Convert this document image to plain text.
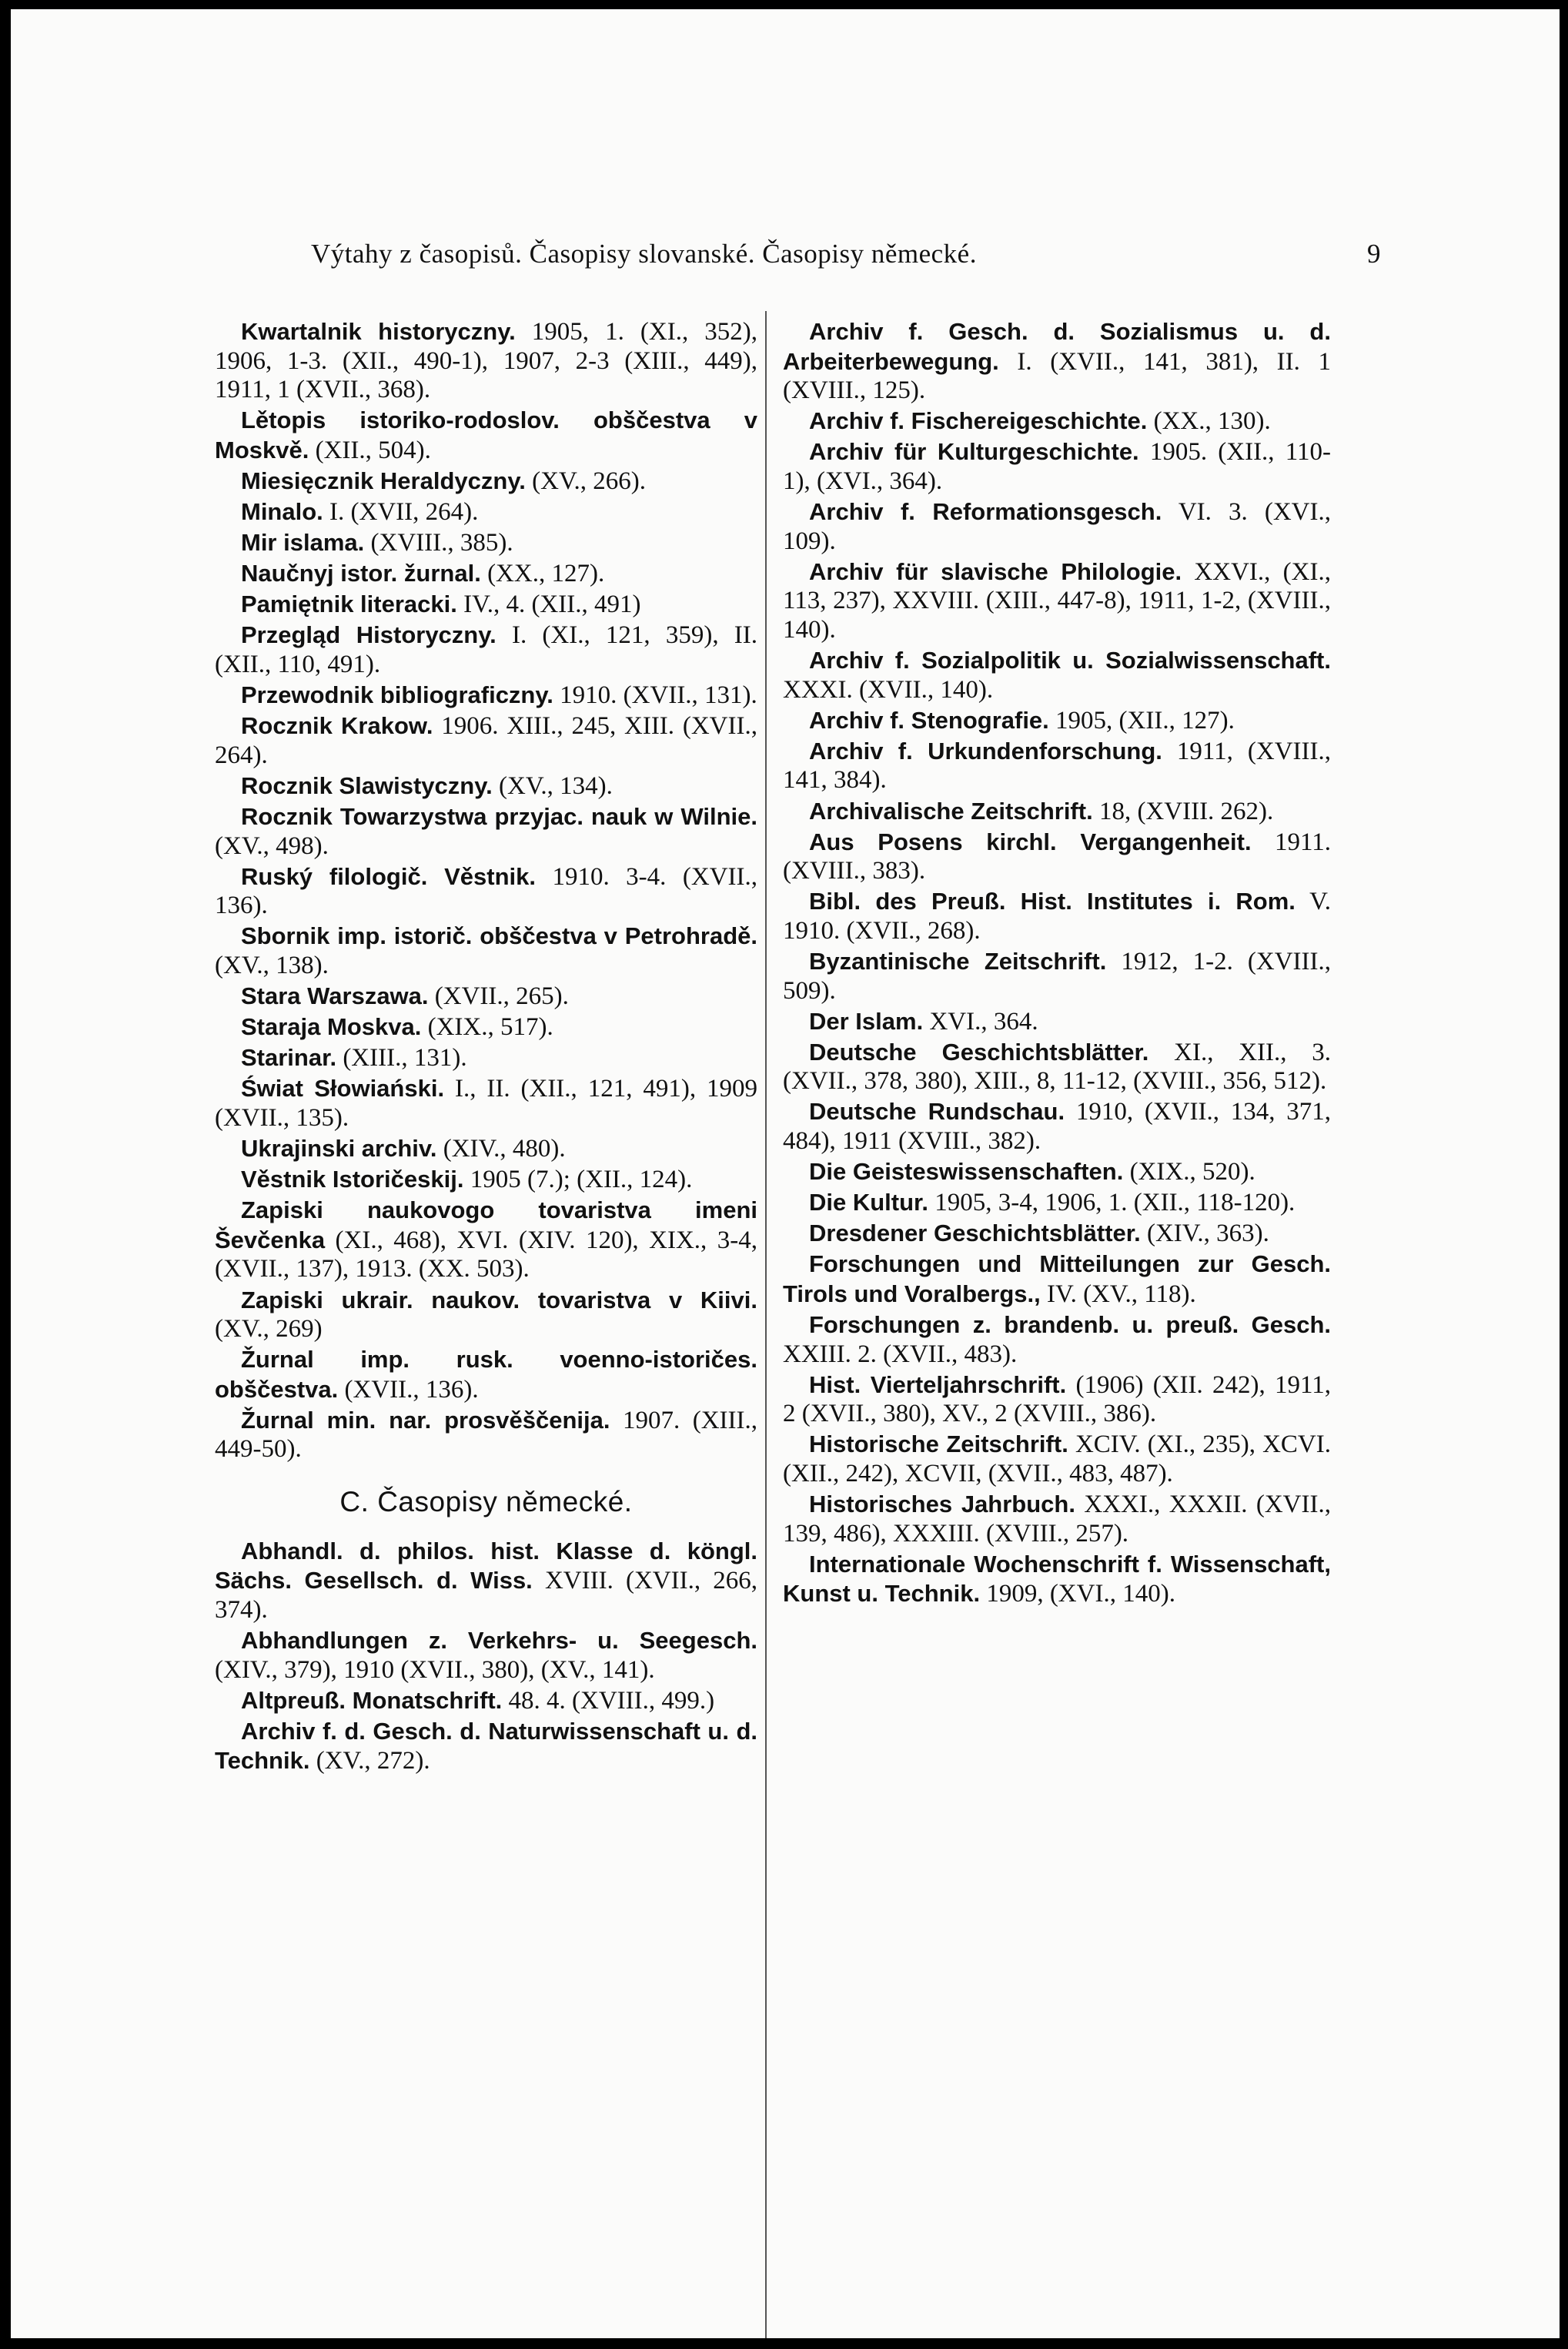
Výtahy z časopisů. Časopisy slovanské. Časopisy německé.	9

Kwartalnik historyczny. 1905, 1. (XI., 352), 1906, 1-3. (XII., 490-1), 1907, 2-3 (XIII., 449), 1911, 1 (XVII., 368).

Lětopis istoriko-rodoslov. obščestva v Moskvě. (XII., 504).

Miesięcznik Heraldyczny. (XV., 266).

Minalo. I. (XVII, 264).

Mir islama. (XVIII., 385).

Naučnyj istor. žurnal. (XX., 127).

Pamiętnik literacki. IV., 4. (XII., 491)

Przegląd Historyczny. I. (XI., 121, 359), II. (XII., 110, 491).

Przewodnik bibliograficzny. 1910. (XVII., 131).

Rocznik Krakow. 1906. XIII., 245, XIII. (XVII., 264).

Rocznik Slawistyczny. (XV., 134).

Rocznik Towarzystwa przyjac. nauk w Wilnie. (XV., 498).

Ruský filologič. Věstnik. 1910. 3-4. (XVII., 136).

Sbornik imp. istorič. obščestva v Petrohradě. (XV., 138).

Stara Warszawa. (XVII., 265).

Staraja Moskva. (XIX., 517).

Starinar. (XIII., 131).

Świat Słowiański. I., II. (XII., 121, 491), 1909 (XVII., 135).

Ukrajinski archiv. (XIV., 480).

Věstnik Istoričeskij. 1905 (7.); (XII., 124).

Zapiski naukovogo tovaristva imeni Ševčenka (XI., 468), XVI. (XIV. 120), XIX., 3-4, (XVII., 137), 1913. (XX. 503).

Zapiski ukrair. naukov. tovaristva v Kiivi. (XV., 269)

Žurnal imp. rusk. voenno-istoričes. obščestva. (XVII., 136).

Žurnal min. nar. prosvěščenija. 1907. (XIII., 449-50).

C. Časopisy německé.

Abhandl. d. philos. hist. Klasse d. köngl. Sächs. Gesellsch. d. Wiss. XVIII. (XVII., 266, 374).

Abhandlungen z. Verkehrs- u. Seegesch. (XIV., 379), 1910 (XVII., 380), (XV., 141).

Altpreuß. Monatschrift. 48. 4. (XVIII., 499.)

Archiv f. d. Gesch. d. Naturwissenschaft u. d. Technik. (XV., 272).

Archiv f. Gesch. d. Sozialismus u. d. Arbeiterbewegung. I. (XVII., 141, 381), II. 1 (XVIII., 125).

Archiv f. Fischereigeschichte. (XX., 130).

Archiv für Kulturgeschichte. 1905. (XII., 110-1), (XVI., 364).

Archiv f. Reformationsgesch. VI. 3. (XVI., 109).

Archiv für slavische Philologie. XXVI., (XI., 113, 237), XXVIII. (XIII., 447-8), 1911, 1-2, (XVIII., 140).

Archiv f. Sozialpolitik u. Sozialwissenschaft. XXXI. (XVII., 140).

Archiv f. Stenografie. 1905, (XII., 127).

Archiv f. Urkundenforschung. 1911, (XVIII., 141, 384).

Archivalische Zeitschrift. 18, (XVIII. 262).

Aus Posens kirchl. Vergangenheit. 1911. (XVIII., 383).

Bibl. des Preuß. Hist. Institutes i. Rom. V. 1910. (XVII., 268).

Byzantinische Zeitschrift. 1912, 1-2. (XVIII., 509).

Der Islam. XVI., 364.

Deutsche Geschichtsblätter. XI., XII., 3. (XVII., 378, 380), XIII., 8, 11-12, (XVIII., 356, 512).

Deutsche Rundschau. 1910, (XVII., 134, 371, 484), 1911 (XVIII., 382).

Die Geisteswissenschaften. (XIX., 520).

Die Kultur. 1905, 3-4, 1906, 1. (XII., 118-120).

Dresdener Geschichtsblätter. (XIV., 363).

Forschungen und Mitteilungen zur Gesch. Tirols und Voralbergs., IV. (XV., 118).

Forschungen z. brandenb. u. preuß. Gesch. XXIII. 2. (XVII., 483).

Hist. Vierteljahrschrift. (1906) (XII. 242), 1911, 2 (XVII., 380), XV., 2 (XVIII., 386).

Historische Zeitschrift. XCIV. (XI., 235), XCVI. (XII., 242), XCVII, (XVII., 483, 487).

Historisches Jahrbuch. XXXI., XXXII. (XVII., 139, 486), XXXIII. (XVIII., 257).

Internationale Wochenschrift f. Wissenschaft, Kunst u. Technik. 1909, (XVI., 140).
